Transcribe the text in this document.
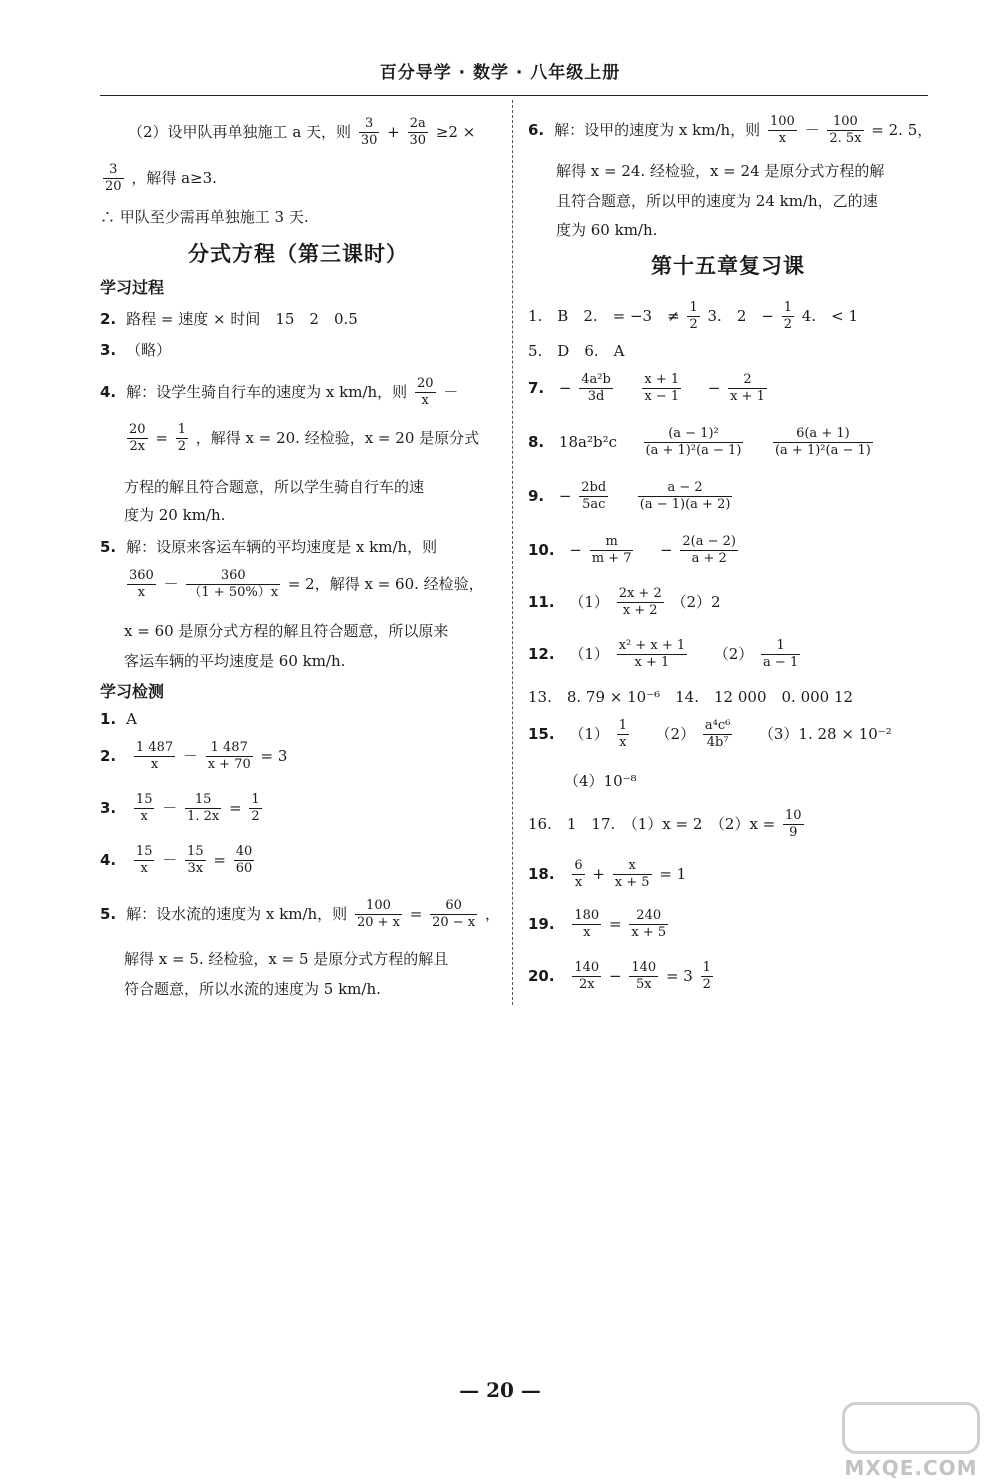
百分导学 · 数学 · 八年级上册
（2）设甲队再单独施工 a 天，则 $\frac{3}{30} + \frac{2a}{30} \ge 2$ ×
$\frac{3}{20}$ ，解得 a≥3.
∴ 甲队至少需再单独施工 3 天.
分式方程（第三课时）
学习过程
2. 路程 = 速度 × 时间　15　2　0.5
3. （略）
4. 解：设学生骑自行车的速度为 x km/h，则 $\frac{20}{x}$ －
$\frac{20}{2x} = \frac{1}{2}$ ，解得 x = 20. 经检验，x = 20 是原分式
方程的解且符合题意，所以学生骑自行车的速
度为 20 km/h.
5. 解：设原来客运车辆的平均速度是 x km/h，则
$\frac{360}{x} - \frac{360}{(1 + 50\%)x} = 2$，解得 x = 60. 经检验，
x = 60 是原分式方程的解且符合题意，所以原来
客运车辆的平均速度是 60 km/h.
学习检测
1. A
2. $\frac{1 487}{x} - \frac{1 487}{x + 70} = 3$
3. $\frac{15}{x} - \frac{15}{1. 2x} = \frac{1}{2}$
4. $\frac{15}{x} - \frac{15}{3x} = \frac{40}{60}$
5. 解：设水流的速度为 x km/h，则 $\frac{100}{20 + x} = \frac{60}{20 - x}$ ，
解得 x = 5. 经检验，x = 5 是原分式方程的解且
符合题意，所以水流的速度为 5 km/h.
6. 解：设甲的速度为 x km/h，则 $\frac{100}{x} - \frac{100}{2. 5x} = 2$. 5，
解得 x = 24. 经检验，x = 24 是原分式方程的解
且符合题意，所以甲的速度为 24 km/h，乙的速
度为 60 km/h.
第十五章复习课
1.　B　2.　= −3　≠ $\frac{1}{2} 3$.　2　− $\frac{1}{2} 4$.　< 1
5.　D　6.　A
7. − $\frac{\text{4a²b}}{3d}$
$\frac{x + 1}{x - 1} - \frac{2}{x + 1}$
8. $18a^2b^2c \frac{\text{(a − 1)²}}{\text{(a + 1)²(a − 1)}}$
$\frac{6(a + 1)}{\text{(a + 1)²(a − 1)}}$
9. − $\frac{2bd}{5ac}$
$\frac{a - 2}{(a - 1)(a + 2)}$
10. − $\frac{m}{m + 7} - \frac{2(a - 2)}{a + 2}$
11. $(1) \frac{2x + 2}{x + 2} (2)2$
12. $(1) \frac{\text{x² + x + 1}}{x + 1} (2) \frac{1}{a - 1}$
13.　8. 79 × 10⁻⁶　14.　12 000　0. 000 12
15. $(1) \frac{1}{x} (2) \frac{\text{a⁴c⁶}}{\text{4b⁷}} (3)1$. 28 × 10⁻²
（4）10⁻⁸
16.　1　17.　（1）x = 2　$(2)x = \frac{10}{9}$
18. $\frac{6}{x} + \frac{x}{x + 5} = 1$
19. $\frac{180}{x} = \frac{240}{x + 5}$
20. $\frac{140}{2x} - \frac{140}{5x} = 3 \frac{1}{2}$
— 20 —
MXQE.COM
